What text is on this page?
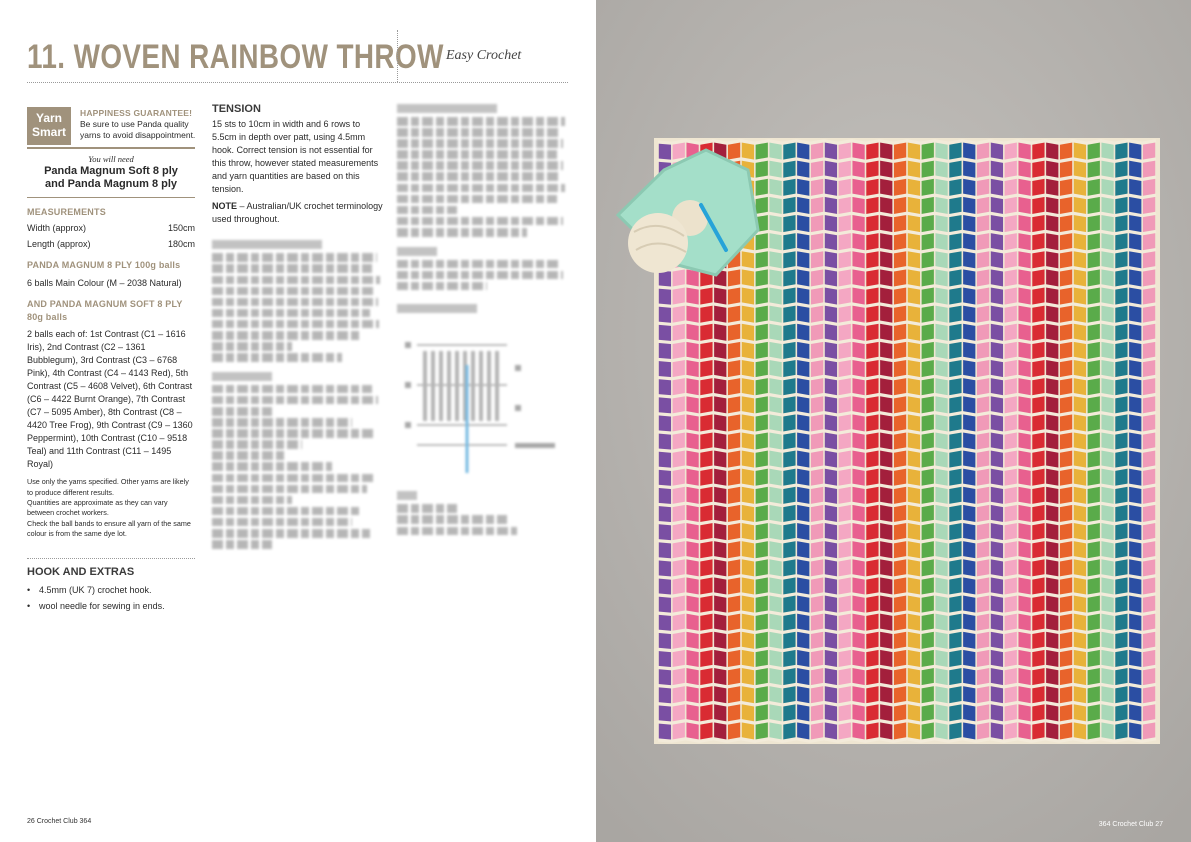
11. WOVEN RAINBOW THROW Easy Crochet
Yarn
Smart
HAPPINESS GUARANTEE!
Be sure to use Panda quality yarns to avoid disappointment.
You will need
Panda Magnum Soft 8 ply
and Panda Magnum 8 ply
MEASUREMENTS
Width (approx)	150cm
Length (approx)	180cm
PANDA MAGNUM 8 PLY 100g balls
6 balls Main Colour (M – 2038 Natural)
AND PANDA MAGNUM SOFT 8 PLY 80g balls
2 balls each of: 1st Contrast (C1 – 1616 Iris), 2nd Contrast (C2 – 1361 Bubblegum), 3rd Contrast (C3 – 6768 Pink), 4th Contrast (C4 – 4143 Red), 5th Contrast (C5 – 4608 Velvet), 6th Contrast (C6 – 4422 Burnt Orange), 7th Contrast (C7 – 5095 Amber), 8th Contrast (C8 – 4420 Tree Frog), 9th Contrast (C9 – 1360 Peppermint), 10th Contrast (C10 – 9518 Teal) and 11th Contrast (C11 – 1495 Royal)
Use only the yarns specified. Other yarns are likely to produce different results.
Quantities are approximate as they can vary between crochet workers.
Check the ball bands to ensure all yarn of the same colour is from the same dye lot.
HOOK AND EXTRAS
• 4.5mm (UK 7) crochet hook.
• wool needle for sewing in ends.
TENSION
15 sts to 10cm in width and 6 rows to 5.5cm in depth over patt, using 4.5mm hook. Correct tension is not essential for this throw, however stated measurements and yarn quantities are based on this tension.
NOTE – Australian/UK crochet terminology used throughout.
26 Crochet Club 364	364 Crochet Club 27
